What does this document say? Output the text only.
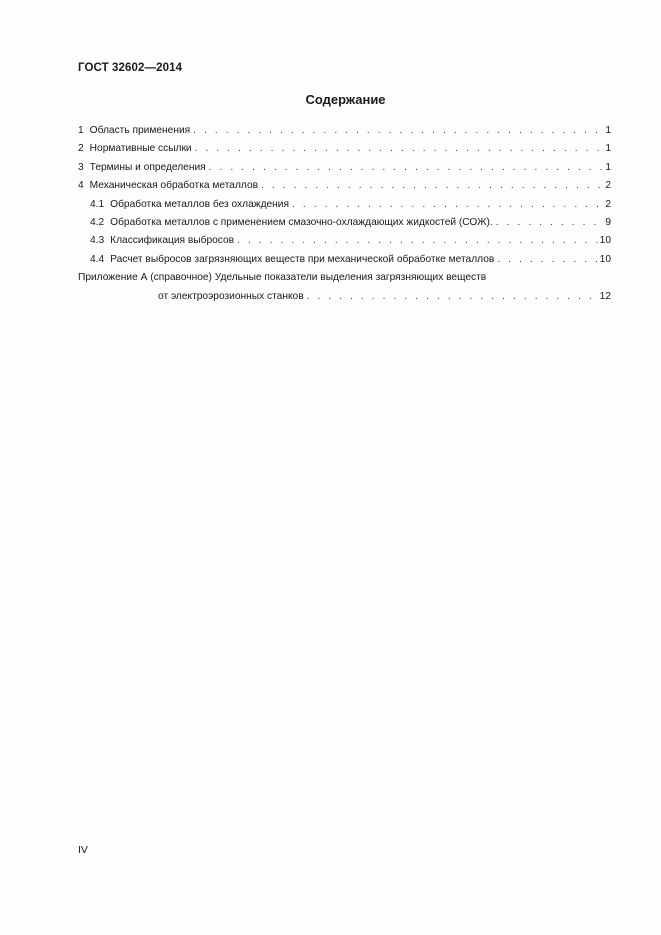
ГОСТ 32602—2014
Содержание
1 Область применения . . .	1
2 Нормативные ссылки . . .	1
3 Термины и определения . . .	1
4 Механическая обработка металлов . . .	2
4.1 Обработка металлов без охлаждения . . .	2
4.2 Обработка металлов с применением смазочно-охлаждающих жидкостей (СОЖ). . . .	9
4.3 Классификация выбросов . . .	10
4.4 Расчет выбросов загрязняющих веществ при механической обработке металлов . . .	10
Приложение А (справочное) Удельные показатели выделения загрязняющих веществ
от электроэрозионных станков . . .	12
IV
